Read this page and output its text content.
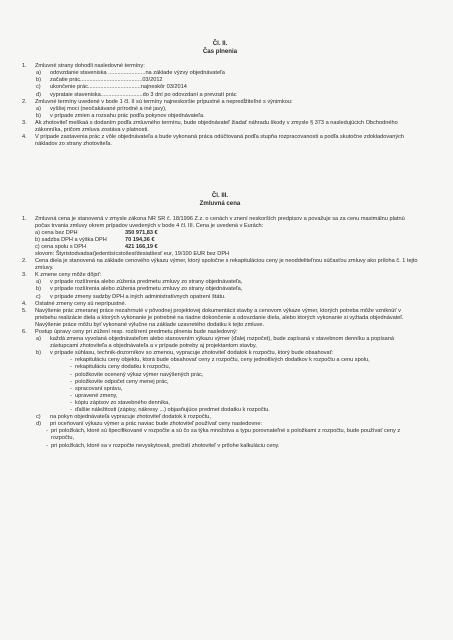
Čl. II.
Čas plnenia
1.	Zmluvné strany dohodli nasledovné termíny:
a)	odovzdanie staveniska ........................na základe výzvy objednávateľa
b)	začatie prác........................................03/2012
c)	ukončenie prác..................................najneskôr 03/2014
d)	vyprataie staveniska...........................do 3 dní po odovzdaní a prevzatí prác
2.	Zmluvné termíny uvedené v bode 1 čl. II sú termíny najneskoršie prípustné a nepredĺžiteľné s výnimkou:
a)	vyššej moci (neočakávané prírodné a iné javy),
b)	v prípade zmien a rozsahu prác podľa pokynov objednávateľa.
3.	Ak zhotoviteľ meškaá s dodaním podľa zmluvného termínu, bude objednávateľ žiadať náhradu škody v zmysle § 373 a nasledujúcich Obchodného zákonníka, pričom zmluva zostáva v platnosti.
4.	V prípade zastavenia prác z vôle objednávateľa a bude vykonaná práca odúčtovaná podľa stupňa rozpracovanosti a podľa skutočne zdokladovaných nákladov zo strany zhotoviteľa.
Čl. III.
Zmluvná cena
1.	Zmluvná cena je stanovená v zmysle zákona NR SR č. 18/1996 Z.z. o cenách v znení neskorších predpisov a považuje sa za cenu maximálnu platnú počas trvania zmluvy okrem prípadov uvedených v bode 4 čl. III. Cena je uvedená v Eurách:
a) cena bez DPH	350 971,83 €
b) sadzba DPH a výška DPH	70 194,36 €
c) cena spolu s DPH	421 166,19 €
slovom: Štyristodvadsaťjedentisícstošesťdesiatšesť eur, 19/100 EUR bez DPH
2.	Cena diela je stanovená na základe cenového výkazu výmer, ktorý spoločne s rekapituláciou ceny je neoddeliteľnou súčasťou zmluvy ako príloha č. 1 tejto zmluvy.
3.	K zmene ceny môže dôjsť:
a)	v prípade rozšírenia alebo zúženia predmetu zmluvy zo strany objednávateľa,
b)	v prípade rozšírenia alebo zúženia predmetu zmluvy zo strany objednávateľa,
c)	v prípade zmeny sadzby DPH a iných administratívnych opatrení štátu.
4.	Ostatné zmeny ceny sú neprípustné.
5.	Navýšenie prác zmeranej práce nezahrnuté v pôvodnej projektovej dokumentácii stavby a cenovom výkaze výmer, ktorých potreba môže vzniknúť v priebehu realizácie diela a ktorých vykonanie je potrebné na riadne dokončenie a odovzdanie diela, alebo ktorých vykonanie si vyžiada objednávateľ. Navýšenie práce môžu byť vykonané výlučne na základe uzavretého dodatku k tejto zmluve.
6.	Postup úpravy ceny pri zúžení resp. rozšírení predmetu plnenia bude nasledovný:
a)	každá zmena vyvolaná objednávateľom alebo stanovením výkazu výmer (ďalej rozpočet), bude zapísaná v stavebnom denníku a popísaná zástupcami zhotoviteľa a objednávateľa a v prípade potreby aj projektantom stavby,
b)	v prípade súhlasu, technik-dozorníkov so zmenou, vypracuje zhotoviteľ dodatok k rozpočtu, ktorý bude obsahovať:
- rekapituláciu ceny objektu, ktorá bude obsahovať ceny z rozpočtu, ceny jednotlivých dodatkov k rozpočtu a cenu spolu,
- rekapituláciu ceny dodatku k rozpočtu,
- položkovite ocenený výkaz výmer navýšených prác,
- položkovite odpočet ceny menej prác,
- spracovaní správu,
- upravené zmeny,
- kópiu zápisov zo stavebného denníka,
- ďalšie náležitosti (zápisy, nákresy ...) objasňujúce predmet dodatku k rozpočtu.
c)	na pokyn objednávateľa vypracuje zhotoviteľ dodatok k rozpočtu,
d)	pri oceňovaní výkazu výmer a prác naviac bude zhotoviteľ používať ceny nasledovne:
- pri položkách, ktoré sú špecifikované v rozpočte a sú čo sa týka množstva a typu porovnateľné s položkami z rozpočtu, bude používať ceny z rozpočtu,
- pri položkách, ktoré sa v rozpočte nevyskytovali, prečistí zhotoviteľ v prílohe kalkuláciu ceny.
